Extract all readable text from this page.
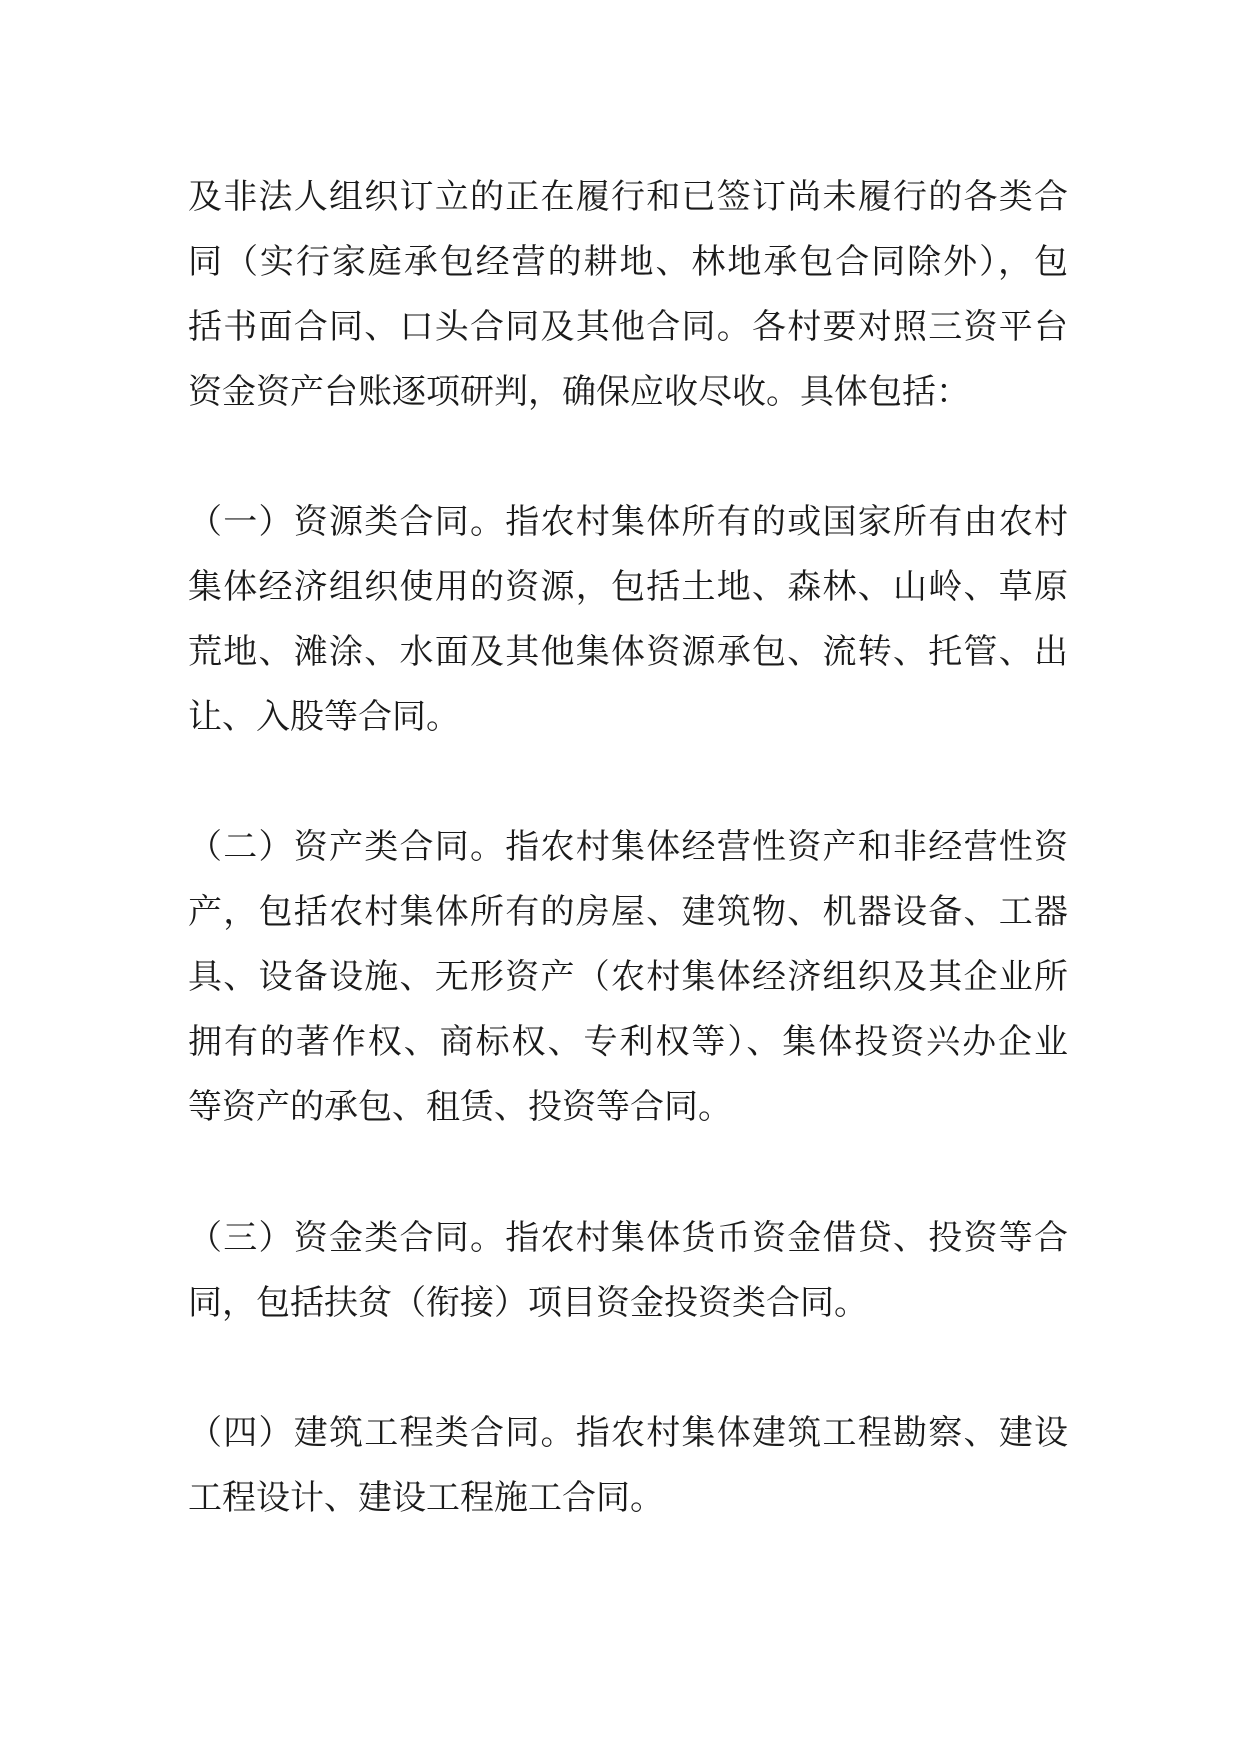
及非法人组织订立的正在履行和已签订尚未履行的各类合
同（实行家庭承包经营的耕地、林地承包合同除外），包
括书面合同、口头合同及其他合同。各村要对照三资平台
资金资产台账逐项研判，确保应收尽收。具体包括：
（一）资源类合同。指农村集体所有的或国家所有由农村
集体经济组织使用的资源，包括土地、森林、山岭、草原
荒地、滩涂、水面及其他集体资源承包、流转、托管、出
让、入股等合同。
（二）资产类合同。指农村集体经营性资产和非经营性资
产，包括农村集体所有的房屋、建筑物、机器设备、工器
具、设备设施、无形资产（农村集体经济组织及其企业所
拥有的著作权、商标权、专利权等）、集体投资兴办企业
等资产的承包、租赁、投资等合同。
（三）资金类合同。指农村集体货币资金借贷、投资等合
同，包括扶贫（衔接）项目资金投资类合同。
（四）建筑工程类合同。指农村集体建筑工程勘察、建设
工程设计、建设工程施工合同。
